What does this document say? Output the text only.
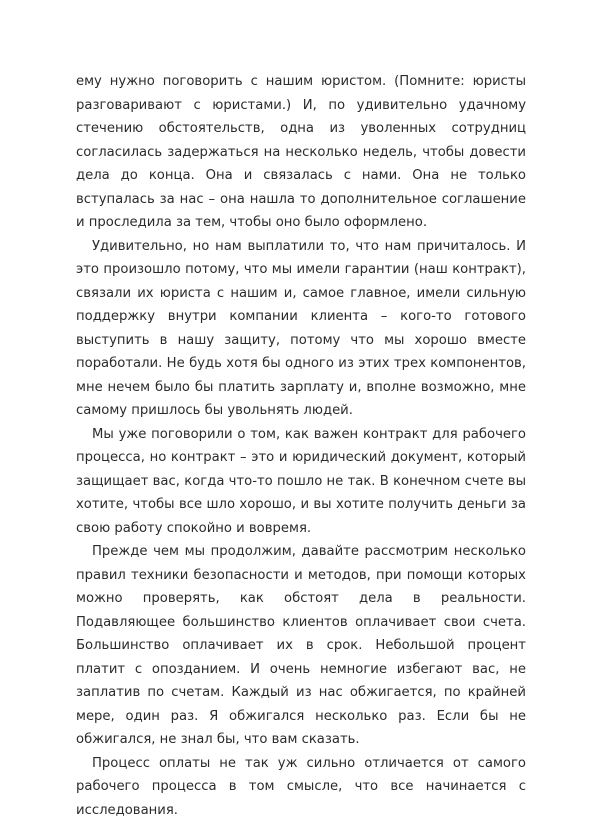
ему нужно поговорить с нашим юристом. (Помните: юристы разговаривают с юристами.) И, по удивительно удачному стечению обстоятельств, одна из уволенных сотрудниц согласилась задержаться на несколько недель, чтобы довести дела до конца. Она и связалась с нами. Она не только вступалась за нас – она нашла то дополнительное соглашение и проследила за тем, чтобы оно было оформлено.

Удивительно, но нам выплатили то, что нам причиталось. И это произошло потому, что мы имели гарантии (наш контракт), связали их юриста с нашим и, самое главное, имели сильную поддержку внутри компании клиента – кого-то готового выступить в нашу защиту, потому что мы хорошо вместе поработали. Не будь хотя бы одного из этих трех компонентов, мне нечем было бы платить зарплату и, вполне возможно, мне самому пришлось бы увольнять людей.

Мы уже поговорили о том, как важен контракт для рабочего процесса, но контракт – это и юридический документ, который защищает вас, когда что-то пошло не так. В конечном счете вы хотите, чтобы все шло хорошо, и вы хотите получить деньги за свою работу спокойно и вовремя.

Прежде чем мы продолжим, давайте рассмотрим несколько правил техники безопасности и методов, при помощи которых можно проверять, как обстоят дела в реальности. Подавляющее большинство клиентов оплачивает свои счета. Большинство оплачивает их в срок. Небольшой процент платит с опозданием. И очень немногие избегают вас, не заплатив по счетам. Каждый из нас обжигается, по крайней мере, один раз. Я обжигался несколько раз. Если бы не обжигался, не знал бы, что вам сказать.

Процесс оплаты не так уж сильно отличается от самого рабочего процесса в том смысле, что все начинается с исследования.
